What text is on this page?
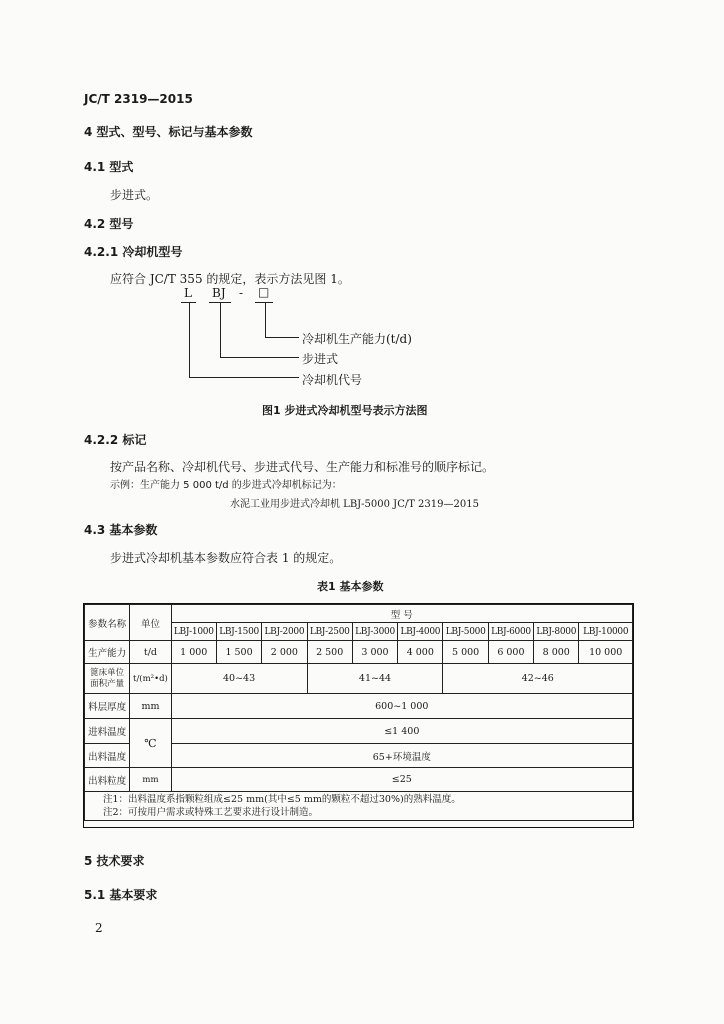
JC/T 2319—2015
4 型式、型号、标记与基本参数
4.1 型式
步进式。
4.2 型号
4.2.1 冷却机型号
应符合 JC/T 355 的规定，表示方法见图 1。
L BJ - □
冷却机生产能力(t/d)
步进式
冷却机代号
图1 步进式冷却机型号表示方法图
4.2.2 标记
按产品名称、冷却机代号、步进式代号、生产能力和标准号的顺序标记。
示例：生产能力 5 000 t/d 的步进式冷却机标记为：
水泥工业用步进式冷却机 LBJ-5000 JC/T 2319—2015
4.3 基本参数
步进式冷却机基本参数应符合表 1 的规定。
表1 基本参数
参数名称	单位	型 号									
		LBJ-1000	LBJ-1500	LBJ-2000	LBJ-2500	LBJ-3000	LBJ-4000	LBJ-5000	LBJ-6000	LBJ-8000	LBJ-10000
生产能力	t/d	1 000	1 500	2 000	2 500	3 000	4 000	5 000	6 000	8 000	10 000
篦床单位
面积产量	t/(m²•d)	40~43			41~44			42~46			
料层厚度	mm	600~1 000									
进料温度	℃	≤1 400									
出料温度		65+环境温度									
出料粒度	mm	≤25									
注1：出料温度系指颗粒组成≤25 mm(其中≤5 mm的颗粒不超过30%)的熟料温度。
注2：可按用户需求或特殊工艺要求进行设计制造。											
5 技术要求
5.1 基本要求
2
